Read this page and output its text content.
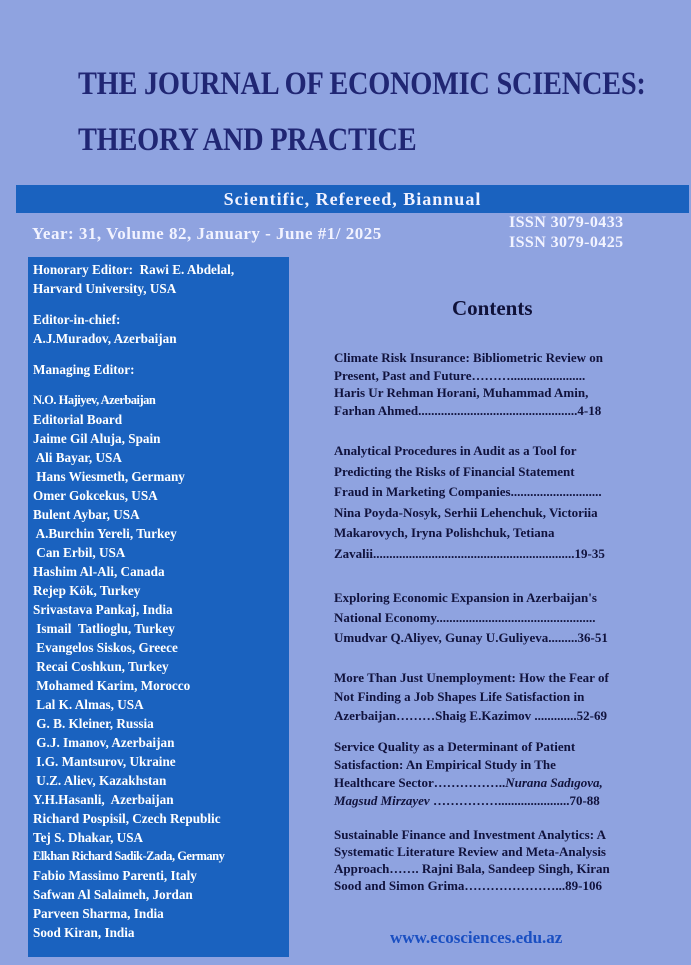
THE JOURNAL OF ECONOMIC SCIENCES:
THEORY AND PRACTICE
Scientific, Refereed, Biannual
Year: 31, Volume 82, January - June #1/ 2025
ISSN 3079-0433
ISSN 3079-0425
Honorary Editor:  Rawi E. Abdelal,
Harvard University, USA
Editor-in-chief:
A.J.Muradov, Azerbaijan
Managing Editor:
N.O. Hajiyev, Azerbaijan
Editorial Board
Jaime Gil Aluja, Spain
Ali Bayar, USA
Hans Wiesmeth, Germany
Omer Gokcekus, USA
Bulent Aybar, USA
A.Burchin Yereli, Turkey
Can Erbil, USA
Hashim Al-Ali, Canada
Rejep Kök, Turkey
Srivastava Pankaj, India
Ismail  Tatlioglu, Turkey
Evangelos Siskos, Greece
Recai Coshkun, Turkey
Mohamed Karim, Morocco
Lal K. Almas, USA
G. B. Kleiner, Russia
G.J. Imanov, Azerbaijan
I.G. Mantsurov, Ukraine
U.Z. Aliev, Kazakhstan
Y.H.Hasanli,  Azerbaijan
Richard Pospisil, Czech Republic
Tej S. Dhakar, USA
Elkhan Richard Sadik-Zada, Germany
Fabio Massimo Parenti, Italy
Safwan Al Salaimeh, Jordan
Parveen Sharma, India
Sood Kiran, India
Contents
Climate Risk Insurance: Bibliometric Review on
Present, Past and Future……….......................
Haris Ur Rehman Horani, Muhammad Amin,
Farhan Ahmed.................................................4-18
Analytical Procedures in Audit as a Tool for
Predicting the Risks of Financial Statement
Fraud in Marketing Companies............................
Nina Poyda-Nosyk, Serhii Lehenchuk, Victoriia
Makarovych, Iryna Polishchuk, Tetiana
Zavalii..............................................................19-35
Exploring Economic Expansion in Azerbaijan's
National Economy.................................................
Umudvar Q.Aliyev, Gunay U.Guliyeva.........36-51
More Than Just Unemployment: How the Fear of
Not Finding a Job Shapes Life Satisfaction in
Azerbaijan………Shaig E.Kazimov .............52-69
Service Quality as a Determinant of Patient
Satisfaction: An Empirical Study in The
Healthcare Sector……………..Nurana Sadıgova,
Magsud Mirzayev ……………......................70-88
Sustainable Finance and Investment Analytics: A
Systematic Literature Review and Meta-Analysis
Approach……. Rajni Bala, Sandeep Singh, Kiran
Sood and Simon Grima…………………...89-106
www.ecosciences.edu.az
